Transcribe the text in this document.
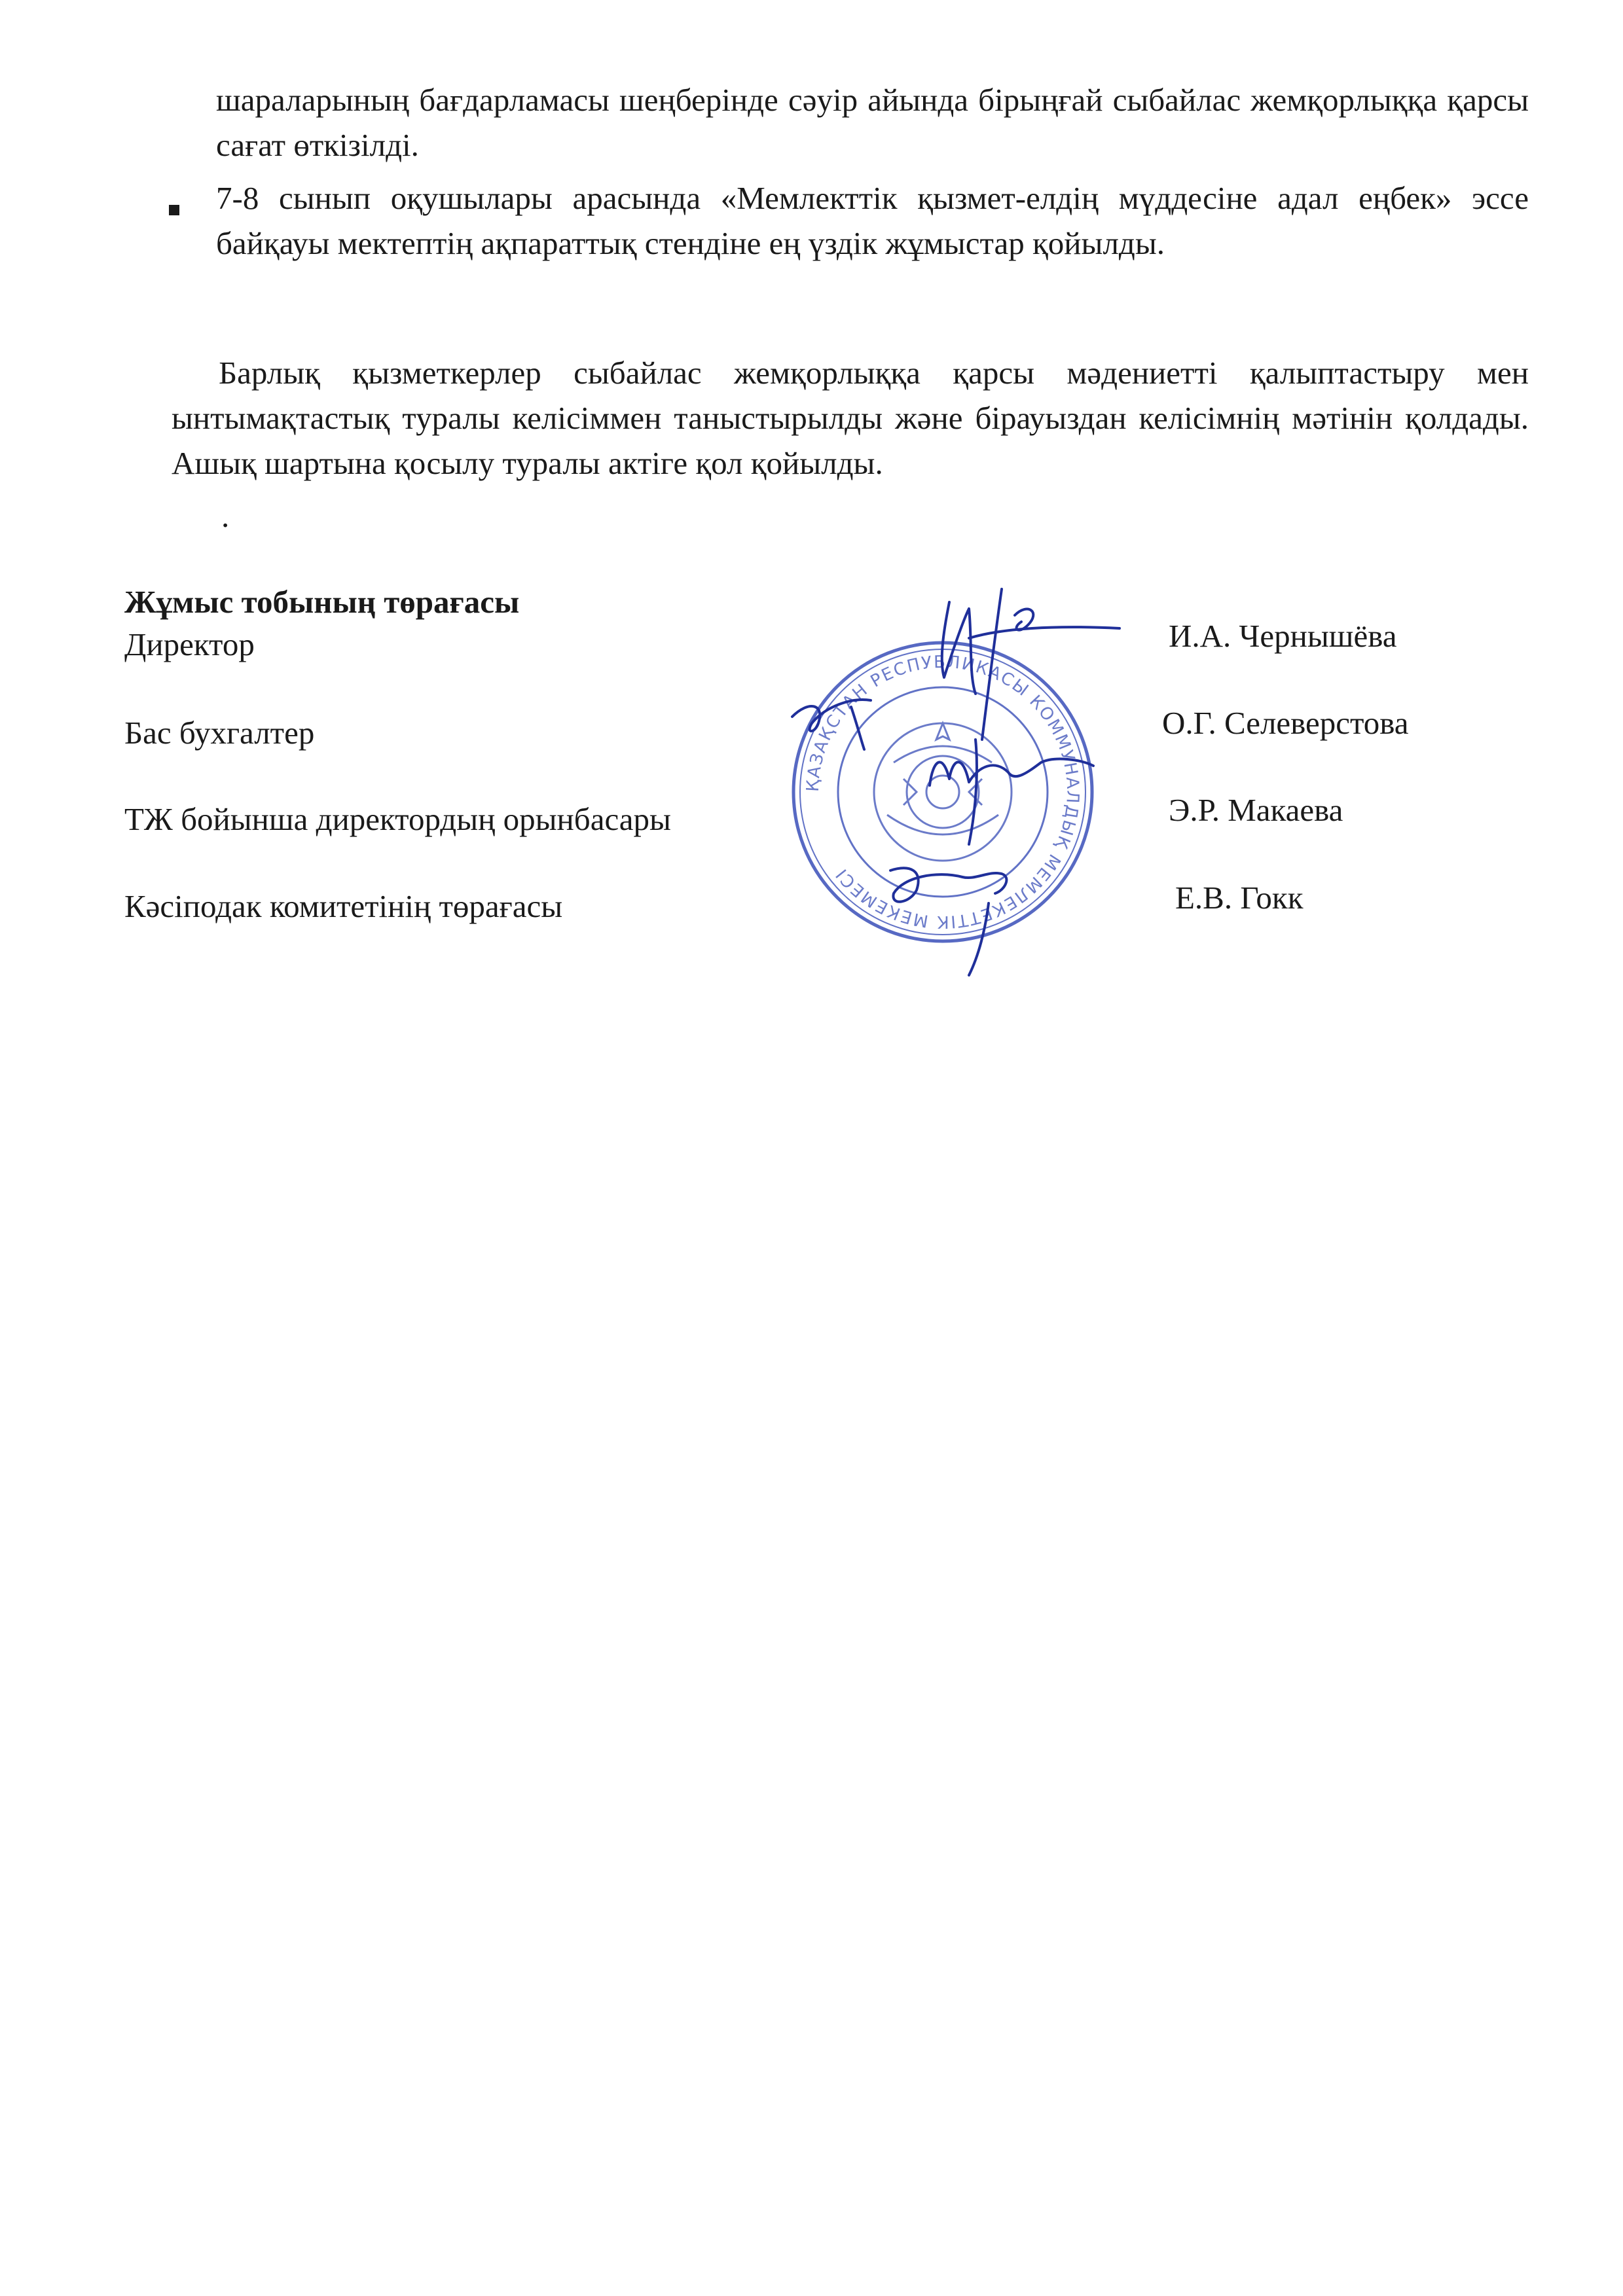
шараларының бағдарламасы шеңберінде сәуір айында бірыңғай сыбайлас жемқорлыққа қарсы сағат өткізілді.
7-8 сынып оқушылары арасында «Мемлекттік қызмет-елдің мүддесіне адал еңбек» эссе байқауы мектептің ақпараттық стендіне ең үздік жұмыстар қойылды.
Барлық қызметкерлер сыбайлас жемқорлыққа қарсы мәдениетті қалыптастыру мен ынтымақтастық туралы келісіммен таныстырылды және бірауыздан келісімнің мәтінін қолдады. Ашық шартына қосылу туралы актіге қол қойылды.
.
Жұмыс тобының төрағасы
Директор	И.А. Чернышёва
Бас бухгалтер	О.Г. Селеверстова
ТЖ бойынша директордың орынбасары	Э.Р. Макаева
Кәсіподак комитетінің төрағасы	Е.В. Гокк
ҚАЗАҚСТАН РЕСПУБЛИКАСЫ КОММУНАЛДЫҚ МЕМЛЕКЕТТІК МЕКЕМЕСІ
